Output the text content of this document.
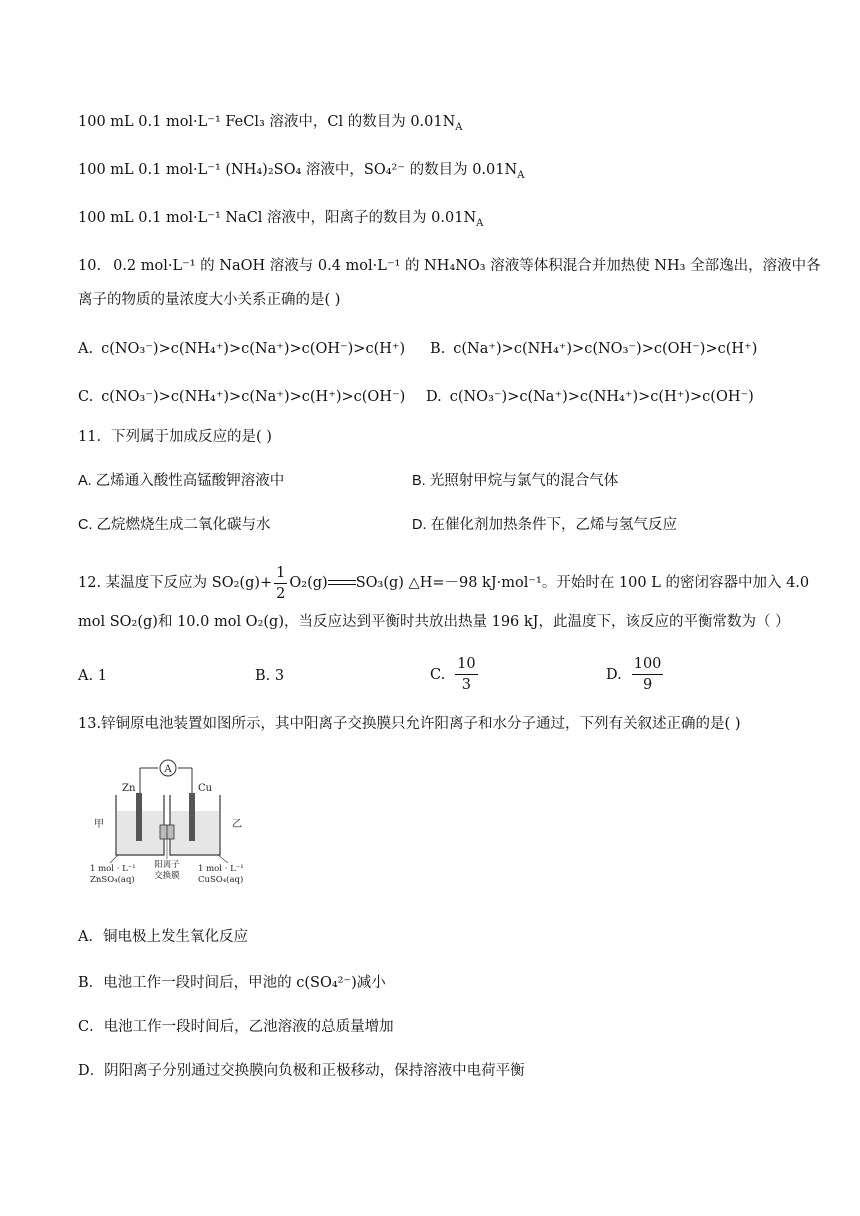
100 mL 0.1 mol·L⁻¹ FeCl₃ 溶液中，Cl 的数目为 $0.01N_A$
100 mL 0.1 mol·L⁻¹ (NH₄)₂SO₄ 溶液中，SO₄²⁻ 的数目为 $0.01N_A$
100 mL 0.1 mol·L⁻¹ NaCl 溶液中，阳离子的数目为 $0.01N_A$
10. 0.2 mol·L⁻¹ 的 NaOH 溶液与 0.4 mol·L⁻¹ 的 NH₄NO₃ 溶液等体积混合并加热使 NH₃ 全部逸出，溶液中各
离子的物质的量浓度大小关系正确的是( )
A. c(NO₃⁻)>c(NH₄⁺)>c(Na⁺)>c(OH⁻)>c(H⁺) B. c(Na⁺)>c(NH₄⁺)>c(NO₃⁻)>c(OH⁻)>c(H⁺)
C. c(NO₃⁻)>c(NH₄⁺)>c(Na⁺)>c(H⁺)>c(OH⁻) D. c(NO₃⁻)>c(Na⁺)>c(NH₄⁺)>c(H⁺)>c(OH⁻)
11．下列属于加成反应的是( )
A. 乙烯通入酸性高锰酸钾溶液中	B. 光照射甲烷与氯气的混合气体
C. 乙烷燃烧生成二氧化碳与水	D. 在催化剂加热条件下，乙烯与氢气反应
12. 某温度下反应为 $SO_2(g)+ \frac{1}{2} O_2(g)$ SO₃(g) △H=－98 kJ·mol⁻¹。开始时在 100 L 的密闭容器中加入 4.0
mol SO₂(g)和 10.0 mol O₂(g)，当反应达到平衡时共放出热量 196 kJ，此温度下，该反应的平衡常数为（ ）
A. 1	B. 3	C. $\frac{10}{3}$	D. $\frac{100}{9}$
13.锌铜原电池装置如图所示，其中阳离子交换膜只允许阳离子和水分子通过，下列有关叙述正确的是( )
A
Zn	Cu
甲	乙
1 mol · L⁻¹
ZnSO₄(aq)
阳离子
交换膜
1 mol · L⁻¹
CuSO₄(aq)
A．铜电极上发生氧化反应
B．电池工作一段时间后，甲池的 c(SO₄²⁻)减小
C．电池工作一段时间后，乙池溶液的总质量增加
D．阴阳离子分别通过交换膜向负极和正极移动，保持溶液中电荷平衡
